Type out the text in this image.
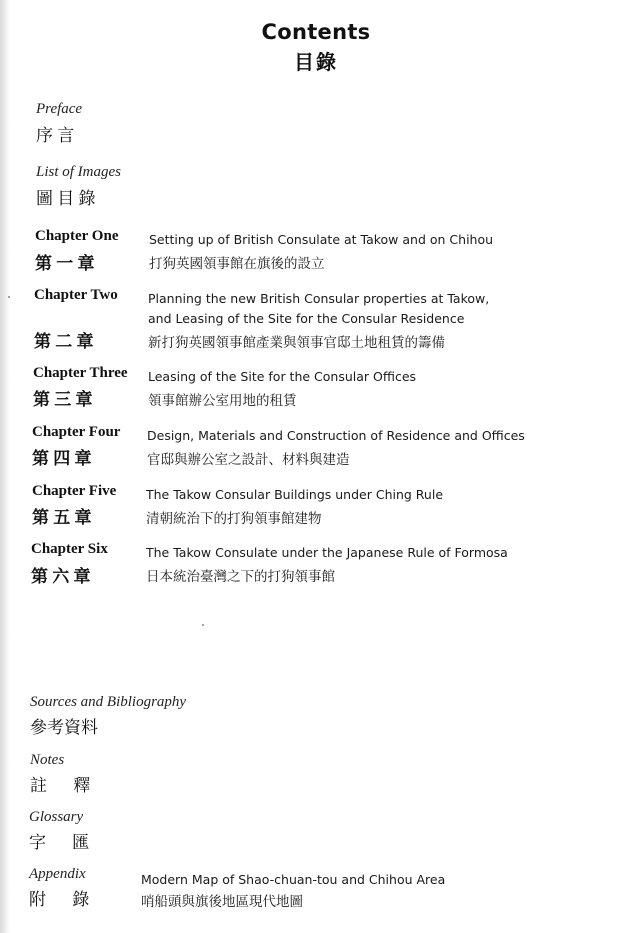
Contents
目錄
Preface
序 言
List of Images
圖 目 錄
Chapter One
第 一 章
Setting up of British Consulate at Takow and on Chihou
打狗英國領事館在旗後的設立
Chapter Two
第 二 章
Planning the new British Consular properties at Takow,
and Leasing of the Site for the Consular Residence
新打狗英國領事館產業與領事官邸土地租賃的籌備
Chapter Three
第 三 章
Leasing of the Site for the Consular Offices
領事館辦公室用地的租賃
Chapter Four
第 四 章
Design, Materials and Construction of Residence and Offices
官邸與辦公室之設計、材料與建造
Chapter Five
第 五 章
The Takow Consular Buildings under Ching Rule
清朝統治下的打狗領事館建物
Chapter Six
第 六 章
The Takow Consulate under the Japanese Rule of Formosa
日本統治臺灣之下的打狗領事館
Sources and Bibliography
參考資料
Notes
註 釋
Glossary
字 匯
Appendix
附 錄
Modern Map of Shao-chuan-tou and Chihou Area
哨船頭與旗後地區現代地圖
